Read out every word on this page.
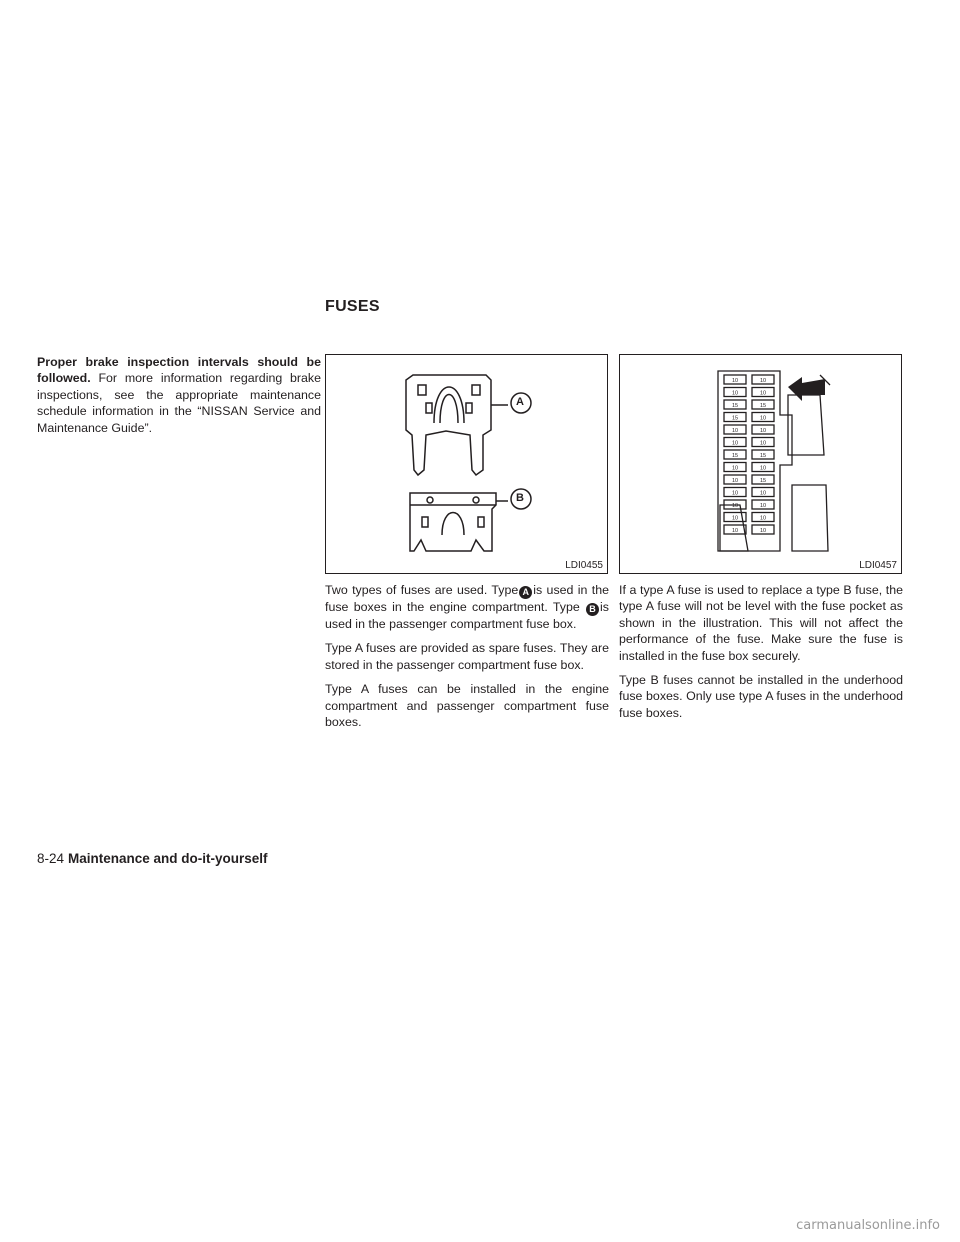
FUSES

Proper brake inspection intervals should be followed. For more information regarding brake inspections, see the appropriate maintenance schedule information in the “NISSAN Service and Maintenance Guide”.

A
B
LDI0455
10
10
15
15
10
10
15
10
10
10
10
10
10
10
10
15
10
10
10
15
10
15
10
10
10
10
LDI0457

Two types of fuses are used. Type A is used in the fuse boxes in the engine compartment. Type B is used in the passenger compartment fuse box.

Type A fuses are provided as spare fuses. They are stored in the passenger compartment fuse box.

Type A fuses can be installed in the engine compartment and passenger compartment fuse boxes.

If a type A fuse is used to replace a type B fuse, the type A fuse will not be level with the fuse pocket as shown in the illustration. This will not affect the performance of the fuse. Make sure the fuse is installed in the fuse box securely.

Type B fuses cannot be installed in the underhood fuse boxes. Only use type A fuses in the underhood fuse boxes.

8-24 Maintenance and do-it-yourself
carmanualsonline.info
